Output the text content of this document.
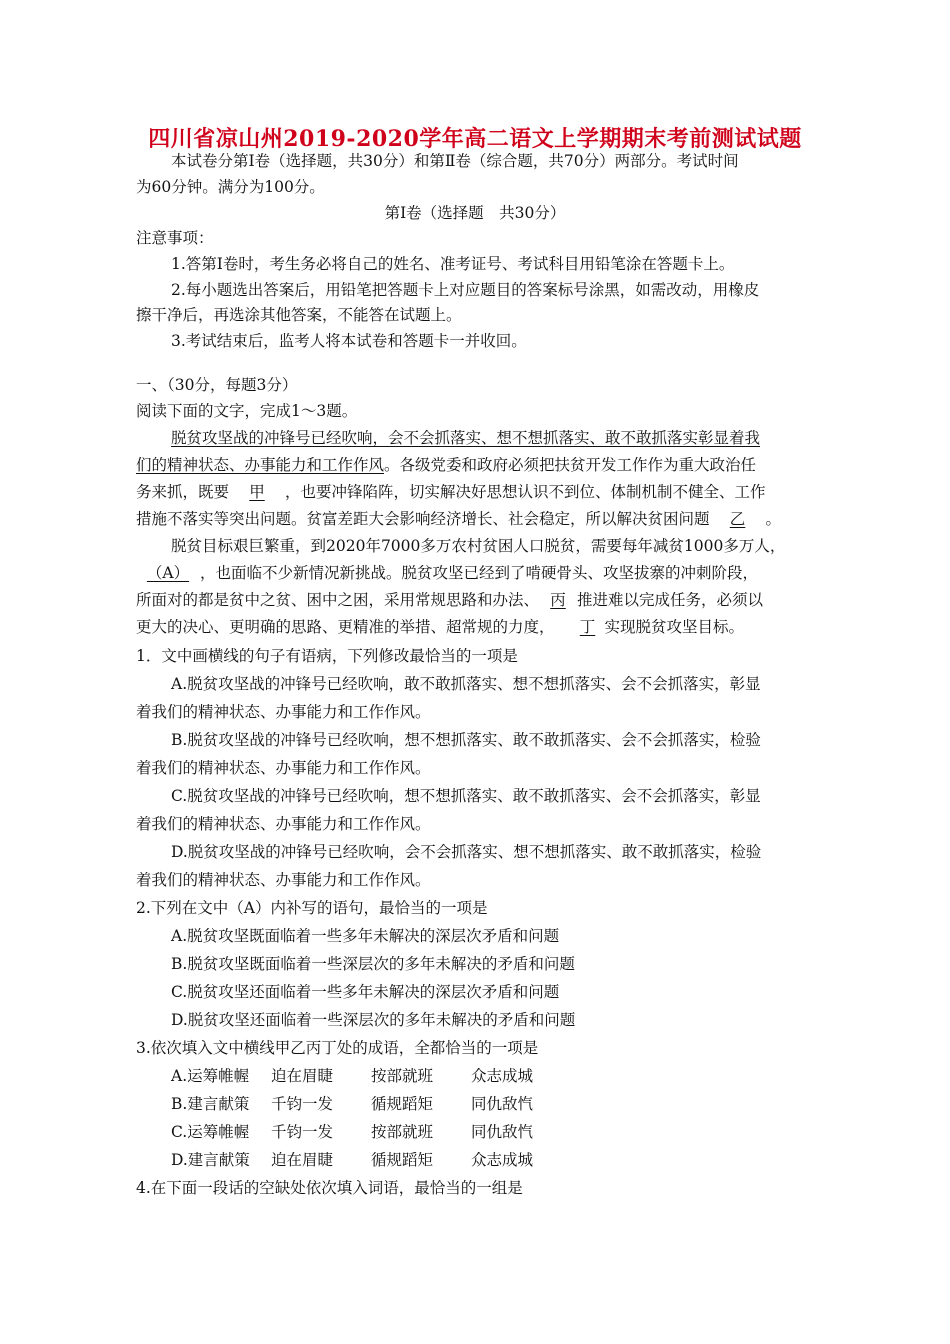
四川省凉山州2019-2020学年高二语文上学期期末考前测试试题
本试卷分第Ⅰ卷（选择题，共30分）和第Ⅱ卷（综合题，共70分）两部分。考试时间
为60分钟。满分为100分。
第Ⅰ卷（选择题　共30分）
注意事项：
1.答第Ⅰ卷时，考生务必将自己的姓名、准考证号、考试科目用铅笔涂在答题卡上。
2.每小题选出答案后，用铅笔把答题卡上对应题目的答案标号涂黑，如需改动，用橡皮
擦干净后，再选涂其他答案，不能答在试题上。
3.考试结束后，监考人将本试卷和答题卡一并收回。
一、（30分，每题3分）
阅读下面的文字，完成1～3题。
脱贫攻坚战的冲锋号已经吹响，会不会抓落实、想不想抓落实、敢不敢抓落实彰显着我
们的精神状态、办事能力和工作作风。各级党委和政府必须把扶贫开发工作作为重大政治任
务来抓，既要 甲 ，也要冲锋陷阵，切实解决好思想认识不到位、体制机制不健全、工作
措施不落实等突出问题。贫富差距大会影响经济增长、社会稳定，所以解决贫困问题 乙 。
脱贫目标艰巨繁重，到2020年7000多万农村贫困人口脱贫，需要每年减贫1000多万人，
（A） ，也面临不少新情况新挑战。脱贫攻坚已经到了啃硬骨头、攻坚拔寨的冲刺阶段，
所面对的都是贫中之贫、困中之困，采用常规思路和办法、 丙 推进难以完成任务，必须以
更大的决心、更明确的思路、更精准的举措、超常规的力度， 丁 实现脱贫攻坚目标。
1．文中画横线的句子有语病，下列修改最恰当的一项是
A.脱贫攻坚战的冲锋号已经吹响，敢不敢抓落实、想不想抓落实、会不会抓落实，彰显
着我们的精神状态、办事能力和工作作风。
B.脱贫攻坚战的冲锋号已经吹响，想不想抓落实、敢不敢抓落实、会不会抓落实，检验
着我们的精神状态、办事能力和工作作风。
C.脱贫攻坚战的冲锋号已经吹响，想不想抓落实、敢不敢抓落实、会不会抓落实，彰显
着我们的精神状态、办事能力和工作作风。
D.脱贫攻坚战的冲锋号已经吹响，会不会抓落实、想不想抓落实、敢不敢抓落实，检验
着我们的精神状态、办事能力和工作作风。
2.下列在文中（A）内补写的语句，最恰当的一项是
A.脱贫攻坚既面临着一些多年未解决的深层次矛盾和问题
B.脱贫攻坚既面临着一些深层次的多年未解决的矛盾和问题
C.脱贫攻坚还面临着一些多年未解决的深层次矛盾和问题
D.脱贫攻坚还面临着一些深层次的多年未解决的矛盾和问题
3.依次填入文中横线甲乙丙丁处的成语，全都恰当的一项是
A.运筹帷幄 迫在眉睫 按部就班 众志成城
B.建言献策 千钧一发 循规蹈矩 同仇敌忾
C.运筹帷幄 千钧一发 按部就班 同仇敌忾
D.建言献策 迫在眉睫 循规蹈矩 众志成城
4.在下面一段话的空缺处依次填入词语，最恰当的一组是
